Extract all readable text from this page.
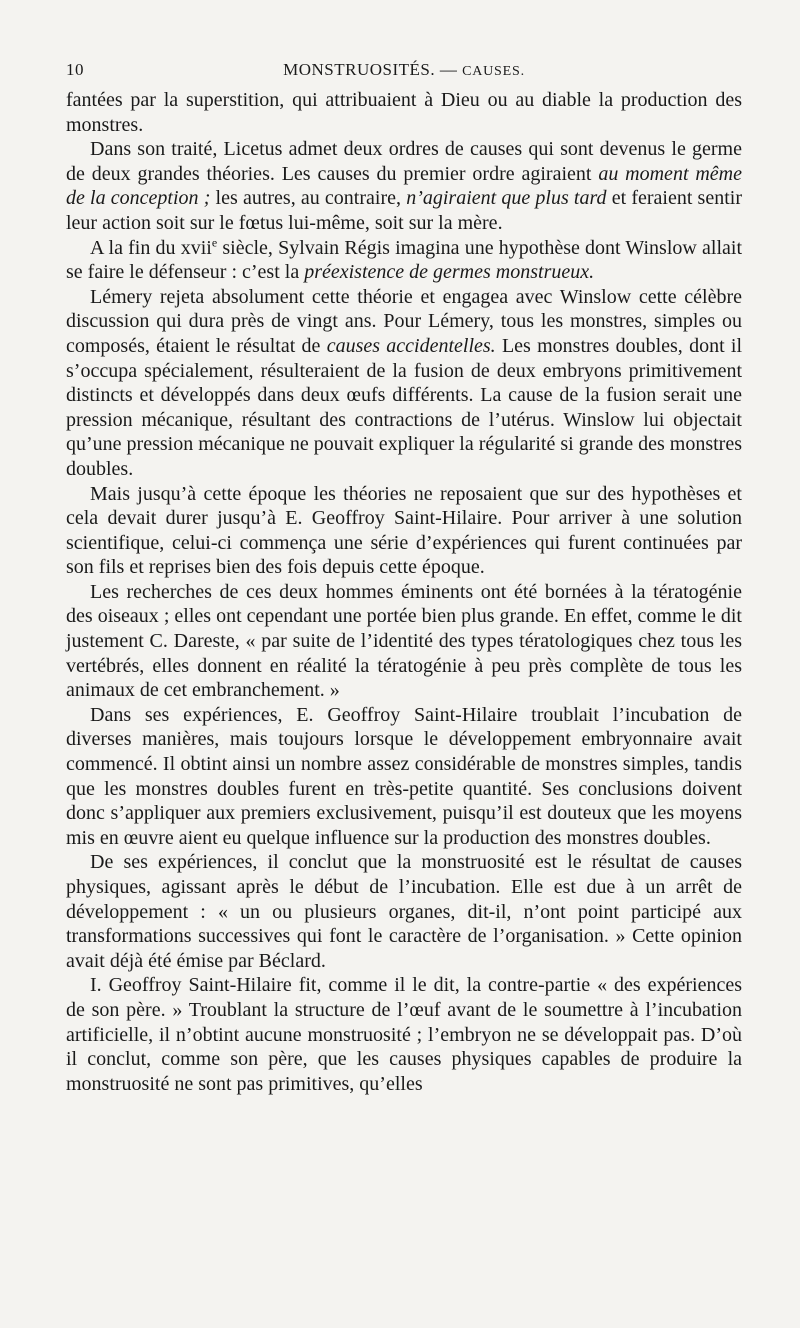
10	MONSTRUOSITÉS. — CAUSES.

fantées par la superstition, qui attribuaient à Dieu ou au diable la production des monstres.

Dans son traité, Licetus admet deux ordres de causes qui sont devenus le germe de deux grandes théories. Les causes du premier ordre agiraient au moment même de la conception ; les autres, au contraire, n’agiraient que plus tard et feraient sentir leur action soit sur le fœtus lui-même, soit sur la mère.

A la fin du xvii$^e$ siècle, Sylvain Régis imagina une hypothèse dont Winslow allait se faire le défenseur : c’est la préexistence de germes monstrueux.

Lémery rejeta absolument cette théorie et engagea avec Winslow cette célèbre discussion qui dura près de vingt ans. Pour Lémery, tous les monstres, simples ou composés, étaient le résultat de causes accidentelles. Les monstres doubles, dont il s’occupa spécialement, résulteraient de la fusion de deux embryons primitivement distincts et développés dans deux œufs différents. La cause de la fusion serait une pression mécanique, résultant des contractions de l’utérus. Winslow lui objectait qu’une pression mécanique ne pouvait expliquer la régularité si grande des monstres doubles.

Mais jusqu’à cette époque les théories ne reposaient que sur des hypothèses et cela devait durer jusqu’à E. Geoffroy Saint-Hilaire. Pour arriver à une solution scientifique, celui-ci commença une série d’expériences qui furent continuées par son fils et reprises bien des fois depuis cette époque.

Les recherches de ces deux hommes éminents ont été bornées à la tératogénie des oiseaux ; elles ont cependant une portée bien plus grande. En effet, comme le dit justement C. Dareste, « par suite de l’identité des types tératologiques chez tous les vertébrés, elles donnent en réalité la tératogénie à peu près complète de tous les animaux de cet embranchement. »

Dans ses expériences, E. Geoffroy Saint-Hilaire troublait l’incubation de diverses manières, mais toujours lorsque le développement embryonnaire avait commencé. Il obtint ainsi un nombre assez considérable de monstres simples, tandis que les monstres doubles furent en très-petite quantité. Ses conclusions doivent donc s’appliquer aux premiers exclusivement, puisqu’il est douteux que les moyens mis en œuvre aient eu quelque influence sur la production des monstres doubles.

De ses expériences, il conclut que la monstruosité est le résultat de causes physiques, agissant après le début de l’incubation. Elle est due à un arrêt de développement : « un ou plusieurs organes, dit-il, n’ont point participé aux transformations successives qui font le caractère de l’organisation. » Cette opinion avait déjà été émise par Béclard.

I. Geoffroy Saint-Hilaire fit, comme il le dit, la contre-partie « des expériences de son père. » Troublant la structure de l’œuf avant de le soumettre à l’incubation artificielle, il n’obtint aucune monstruosité ; l’embryon ne se développait pas. D’où il conclut, comme son père, que les causes physiques capables de produire la monstruosité ne sont pas primitives, qu’elles
